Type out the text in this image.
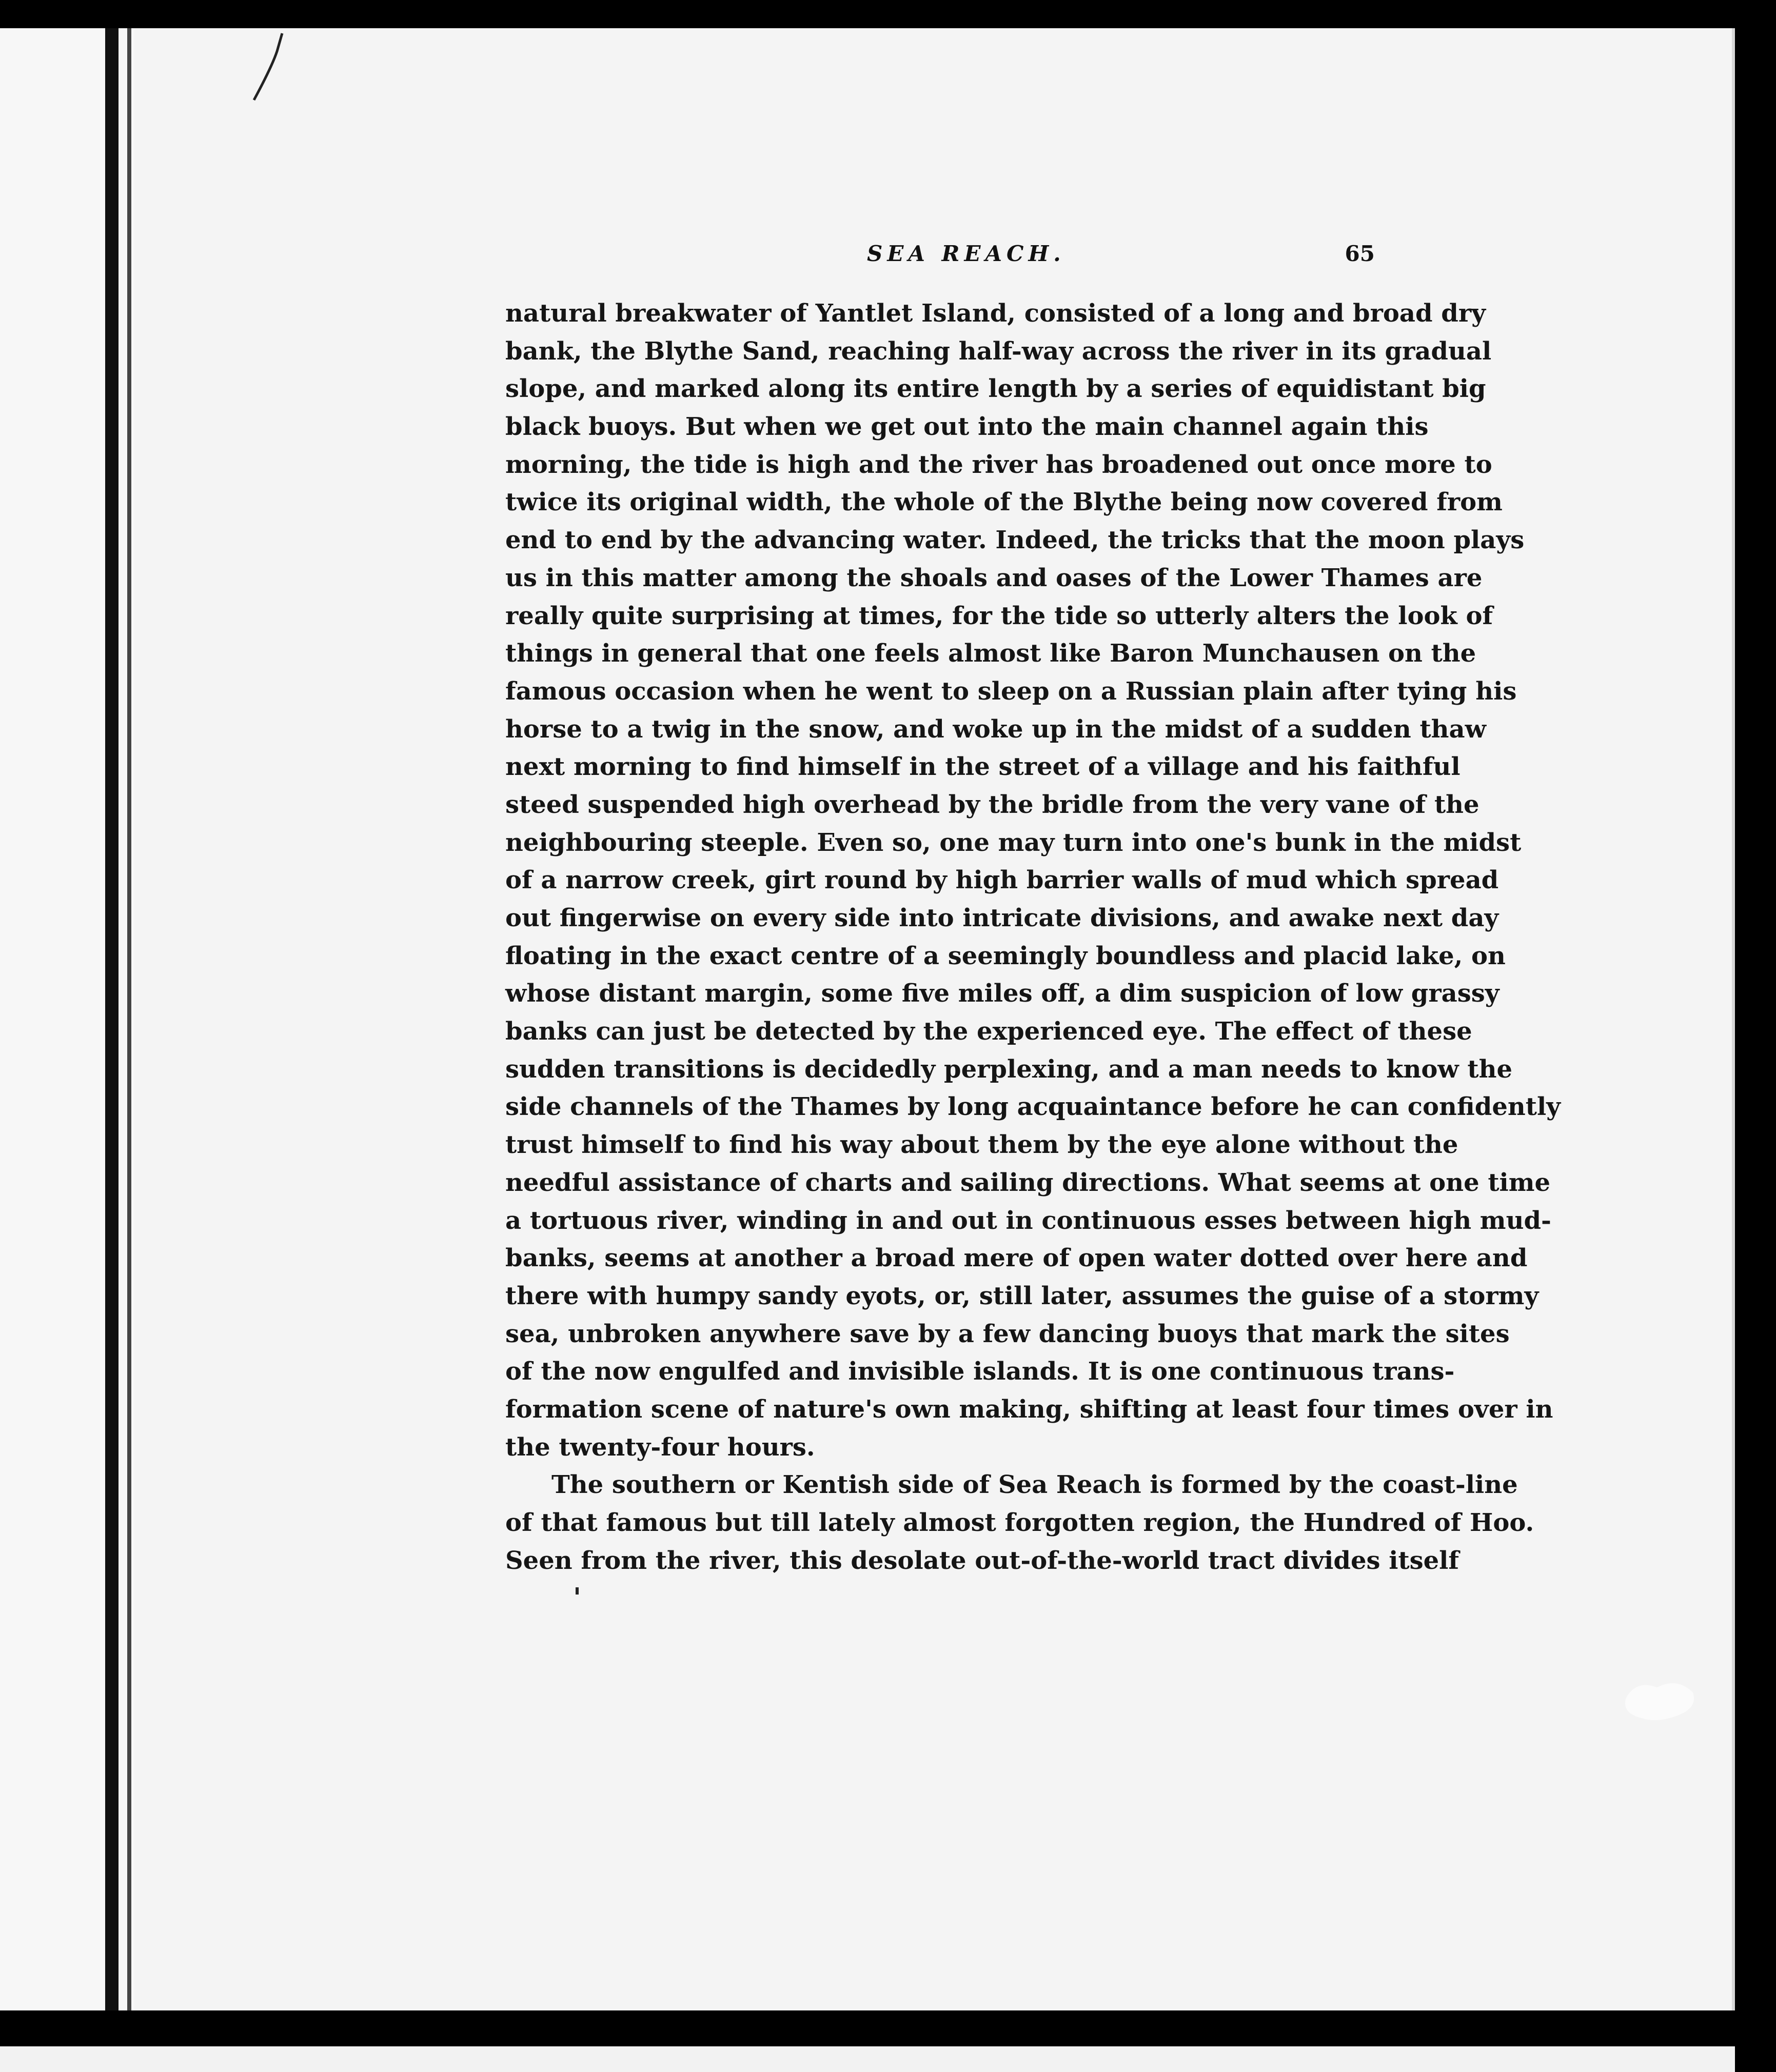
SEA REACH.	65
natural breakwater of Yantlet Island, consisted of a long and broad dry
bank, the Blythe Sand, reaching half-way across the river in its gradual
slope, and marked along its entire length by a series of equidistant big
black buoys. But when we get out into the main channel again this
morning, the tide is high and the river has broadened out once more to
twice its original width, the whole of the Blythe being now covered from
end to end by the advancing water. Indeed, the tricks that the moon plays
us in this matter among the shoals and oases of the Lower Thames are
really quite surprising at times, for the tide so utterly alters the look of
things in general that one feels almost like Baron Munchausen on the
famous occasion when he went to sleep on a Russian plain after tying his
horse to a twig in the snow, and woke up in the midst of a sudden thaw
next morning to find himself in the street of a village and his faithful
steed suspended high overhead by the bridle from the very vane of the
neighbouring steeple. Even so, one may turn into one's bunk in the midst
of a narrow creek, girt round by high barrier walls of mud which spread
out fingerwise on every side into intricate divisions, and awake next day
floating in the exact centre of a seemingly boundless and placid lake, on
whose distant margin, some five miles off, a dim suspicion of low grassy
banks can just be detected by the experienced eye. The effect of these
sudden transitions is decidedly perplexing, and a man needs to know the
side channels of the Thames by long acquaintance before he can confidently
trust himself to find his way about them by the eye alone without the
needful assistance of charts and sailing directions. What seems at one time
a tortuous river, winding in and out in continuous esses between high mud-
banks, seems at another a broad mere of open water dotted over here and
there with humpy sandy eyots, or, still later, assumes the guise of a stormy
sea, unbroken anywhere save by a few dancing buoys that mark the sites
of the now engulfed and invisible islands. It is one continuous trans-
formation scene of nature's own making, shifting at least four times over in
the twenty-four hours.
The southern or Kentish side of Sea Reach is formed by the coast-line
of that famous but till lately almost forgotten region, the Hundred of Hoo.
Seen from the river, this desolate out-of-the-world tract divides itself
